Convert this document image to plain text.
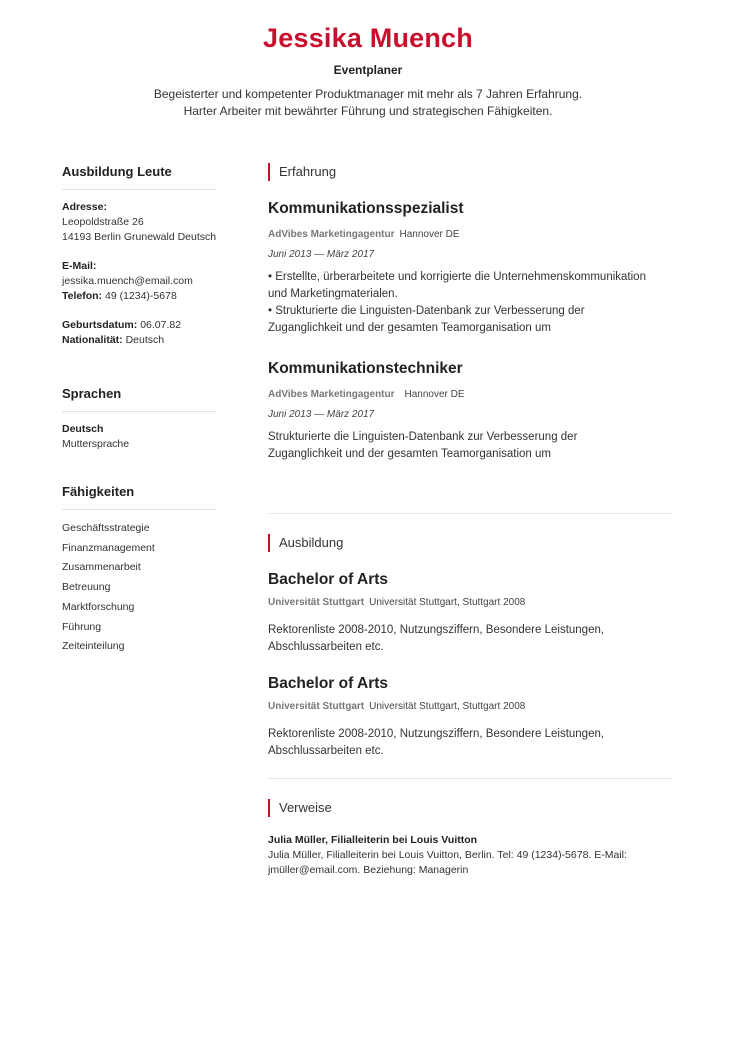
Jessika Muench
Eventplaner
Begeisterter und kompetenter Produktmanager mit mehr als 7 Jahren Erfahrung.
Harter Arbeiter mit bewährter Führung und strategischen Fähigkeiten.
Ausbildung Leute
Adresse:
Leopoldstraße 26
14193 Berlin Grunewald Deutsch
E-Mail: jessika.muench@email.com
Telefon: 49 (1234)-5678
Geburtsdatum: 06.07.82
Nationalität: Deutsch
Sprachen
Deutsch
Muttersprache
Fähigkeiten
Geschäftsstrategie
Finanzmanagement
Zusammenarbeit
Betreuung
Marktforschung
Führung
Zeiteinteilung
Erfahrung
Kommunikationsspezialist
AdVibes Marketingagentur Hannover DE
Juni 2013 — März 2017
• Erstellte, ürberarbeitete und korrigierte die Unternehmenskommunikation
und Marketingmaterialen.
• Strukturierte die Linguisten-Datenbank zur Verbesserung der
Zuganglichkeit und der gesamten Teamorganisation um
Kommunikationstechniker
AdVibes Marketingagentur Hannover DE
Juni 2013 — März 2017
Strukturierte die Linguisten-Datenbank zur Verbesserung der
Zuganglichkeit und der gesamten Teamorganisation um
Ausbildung
Bachelor of Arts
Universität Stuttgart Universität Stuttgart, Stuttgart 2008
Rektorenliste 2008-2010, Nutzungsziffern, Besondere Leistungen,
Abschlussarbeiten etc.
Bachelor of Arts
Universität Stuttgart Universität Stuttgart, Stuttgart 2008
Rektorenliste 2008-2010, Nutzungsziffern, Besondere Leistungen,
Abschlussarbeiten etc.
Verweise
Julia Müller, Filialleiterin bei Louis Vuitton
Julia Müller, Filialleiterin bei Louis Vuitton, Berlin. Tel: 49 (1234)-5678. E-Mail:
jmüller@email.com. Beziehung: Managerin
